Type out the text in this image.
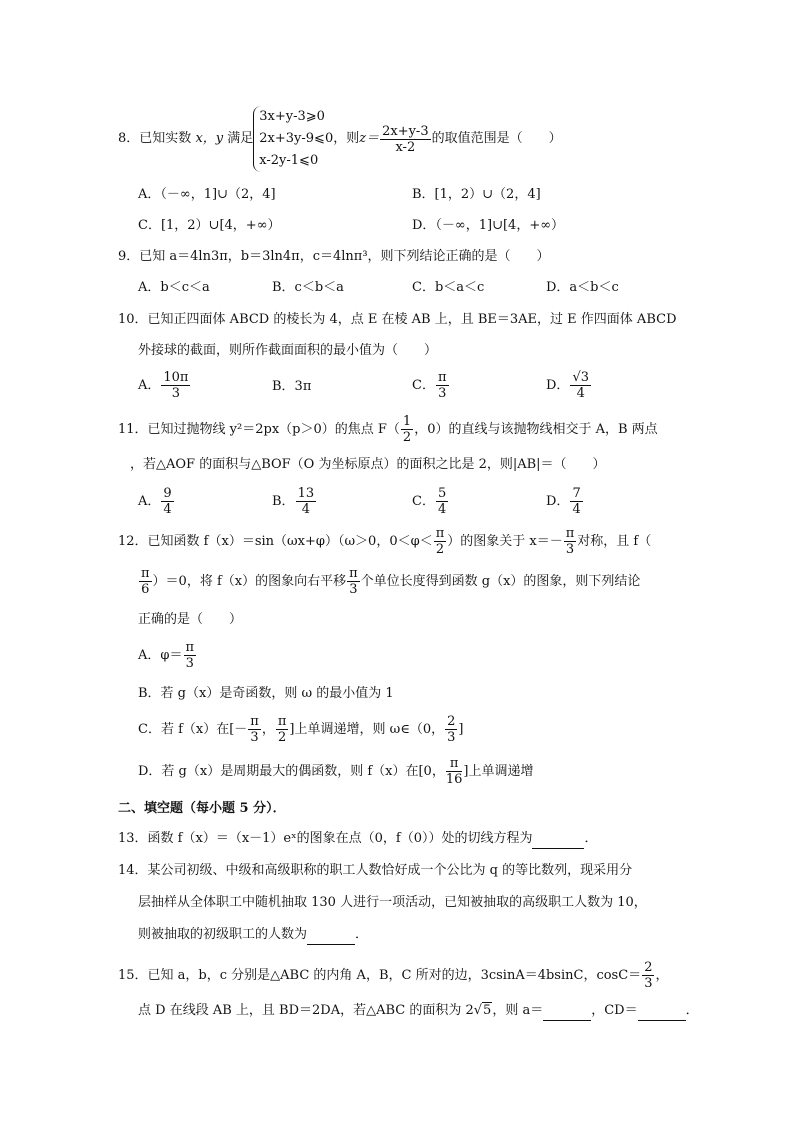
8．已知实数 x，y 满足
3x+y-3⩾0
2x+3y-9⩽0
x-2y-1⩽0
，则 $z= \frac{2x+y-3}{x-2}$ 的取值范围是（　　）
A．（－∞，1]∪（2，4]	B．[1，2）∪（2，4]
C．[1，2）∪[4，+∞）	D．（－∞，1]∪[4，+∞）
9．已知 a＝4ln3π，b＝3ln4π，c＝4lnπ³，则下列结论正确的是（　　）
A．b＜c＜a	B．c＜b＜a	C．b＜a＜c	D．a＜b＜c
10．已知正四面体 ABCD 的棱长为 4，点 E 在棱 AB 上，且 BE＝3AE，过 E 作四面体 ABCD
外接球的截面，则所作截面面积的最小值为（　　）
A． $\frac{10\pi}{3}$	B．3π	C． $\frac{\pi}{3}$	D． $\frac{√3}{4}$
11．已知过抛物线 y²＝2px（p＞0）的焦点 $F( \frac{1}{2}$ ，0）的直线与该抛物线相交于 A，B 两点
，若△AOF 的面积与△BOF（O 为坐标原点）的面积之比是 2，则|AB|＝（　　）
A． $\frac{9}{4}$	B． $\frac{13}{4}$	C． $\frac{5}{4}$	D． $\frac{7}{4}$
12．已知函数 f（x）＝sin（ωx+φ）（ω＞0，$0<\varphi< \frac{\pi}{2}$ ）的图象关于 $x=- \frac{\pi}{3}$ 对称，且 f（
$\frac{\pi}{6} )=0$，将 f（x）的图象向右平移 $\frac{\pi}{3}$ 个单位长度得到函数 g（x）的图象，则下列结论
正确的是（　　）
A．$\varphi= \frac{\pi}{3}$
B．若 g（x）是奇函数，则 ω 的最小值为 1
C．若 f（x）在[－ $\frac{\pi}{3}$ ， $\frac{\pi}{2}$ ]上单调递增，则 ω∈（0， $\frac{2}{3}$ ]
D．若 g（x）是周期最大的偶函数，则 f（x）在[0， $\frac{\pi}{16}$ ]上单调递增
二、填空题（每小题 5 分）．
13．函数 f（x）＝（x－1）eˣ的图象在点（0，f（0））处的切线方程为	．
14．某公司初级、中级和高级职称的职工人数恰好成一个公比为 q 的等比数列，现采用分
层抽样从全体职工中随机抽取 130 人进行一项活动，已知被抽取的高级职工人数为 10，
则被抽取的初级职工的人数为	．
15．已知 a，b，c 分别是△ABC 的内角 A，B，C 所对的边，3csinA＝4bsinC，$\cos C= \frac{2}{3}$ ，
点 D 在线段 AB 上，且 BD＝2DA，若△ABC 的面积为 2√5，则 a＝	，CD＝	．
